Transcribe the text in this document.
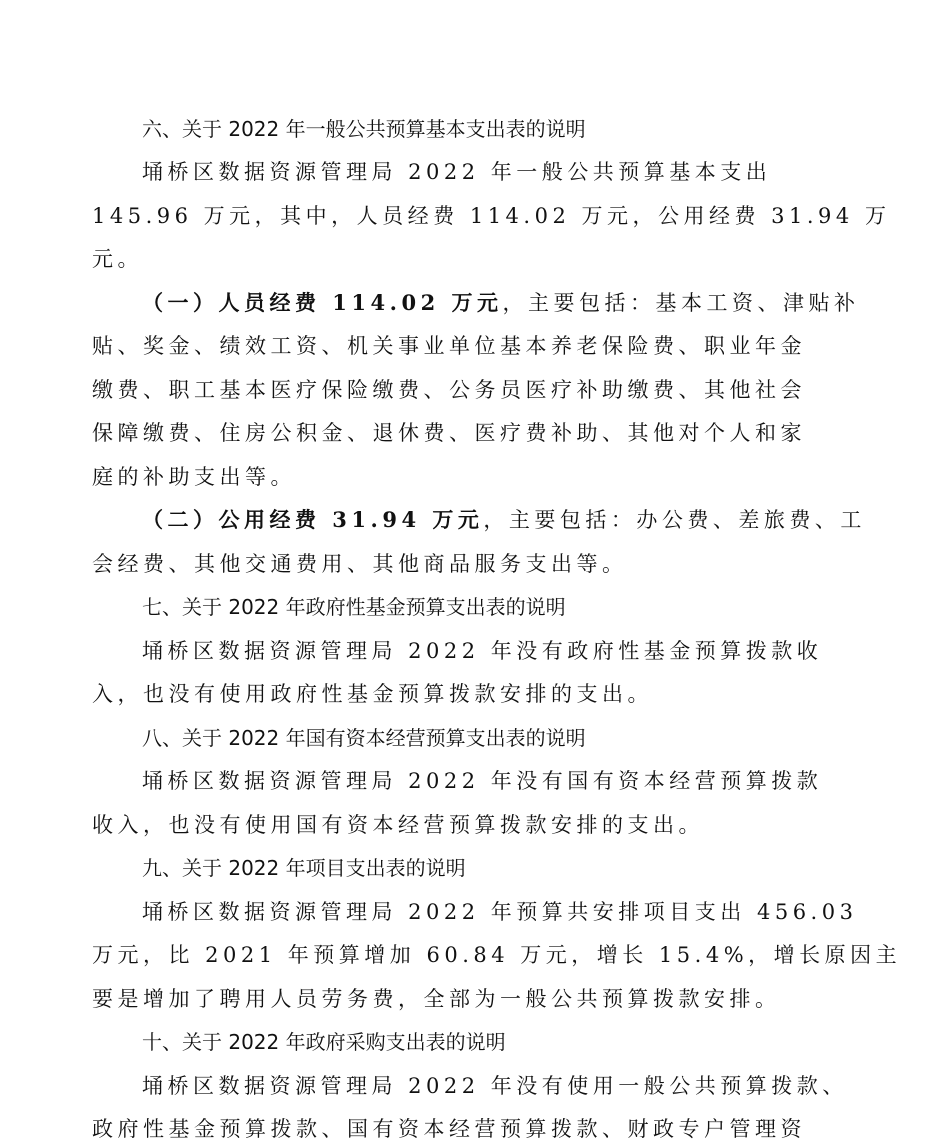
六、关于 2022 年一般公共预算基本支出表的说明
埇桥区数据资源管理局 2022 年一般公共预算基本支出
145.96 万元，其中，人员经费 114.02 万元，公用经费 31.94 万
元。
（一）人员经费 114.02 万元，主要包括：基本工资、津贴补
贴、奖金、绩效工资、机关事业单位基本养老保险费、职业年金
缴费、职工基本医疗保险缴费、公务员医疗补助缴费、其他社会
保障缴费、住房公积金、退休费、医疗费补助、其他对个人和家
庭的补助支出等。
（二）公用经费 31.94 万元，主要包括：办公费、差旅费、工
会经费、其他交通费用、其他商品服务支出等。
七、关于 2022 年政府性基金预算支出表的说明
埇桥区数据资源管理局 2022 年没有政府性基金预算拨款收
入，也没有使用政府性基金预算拨款安排的支出。
八、关于 2022 年国有资本经营预算支出表的说明
埇桥区数据资源管理局 2022 年没有国有资本经营预算拨款
收入，也没有使用国有资本经营预算拨款安排的支出。
九、关于 2022 年项目支出表的说明
埇桥区数据资源管理局 2022 年预算共安排项目支出 456.03
万元，比 2021 年预算增加 60.84 万元，增长 15.4%，增长原因主
要是增加了聘用人员劳务费，全部为一般公共预算拨款安排。
十、关于 2022 年政府采购支出表的说明
埇桥区数据资源管理局 2022 年没有使用一般公共预算拨款、
政府性基金预算拨款、国有资本经营预算拨款、财政专户管理资
